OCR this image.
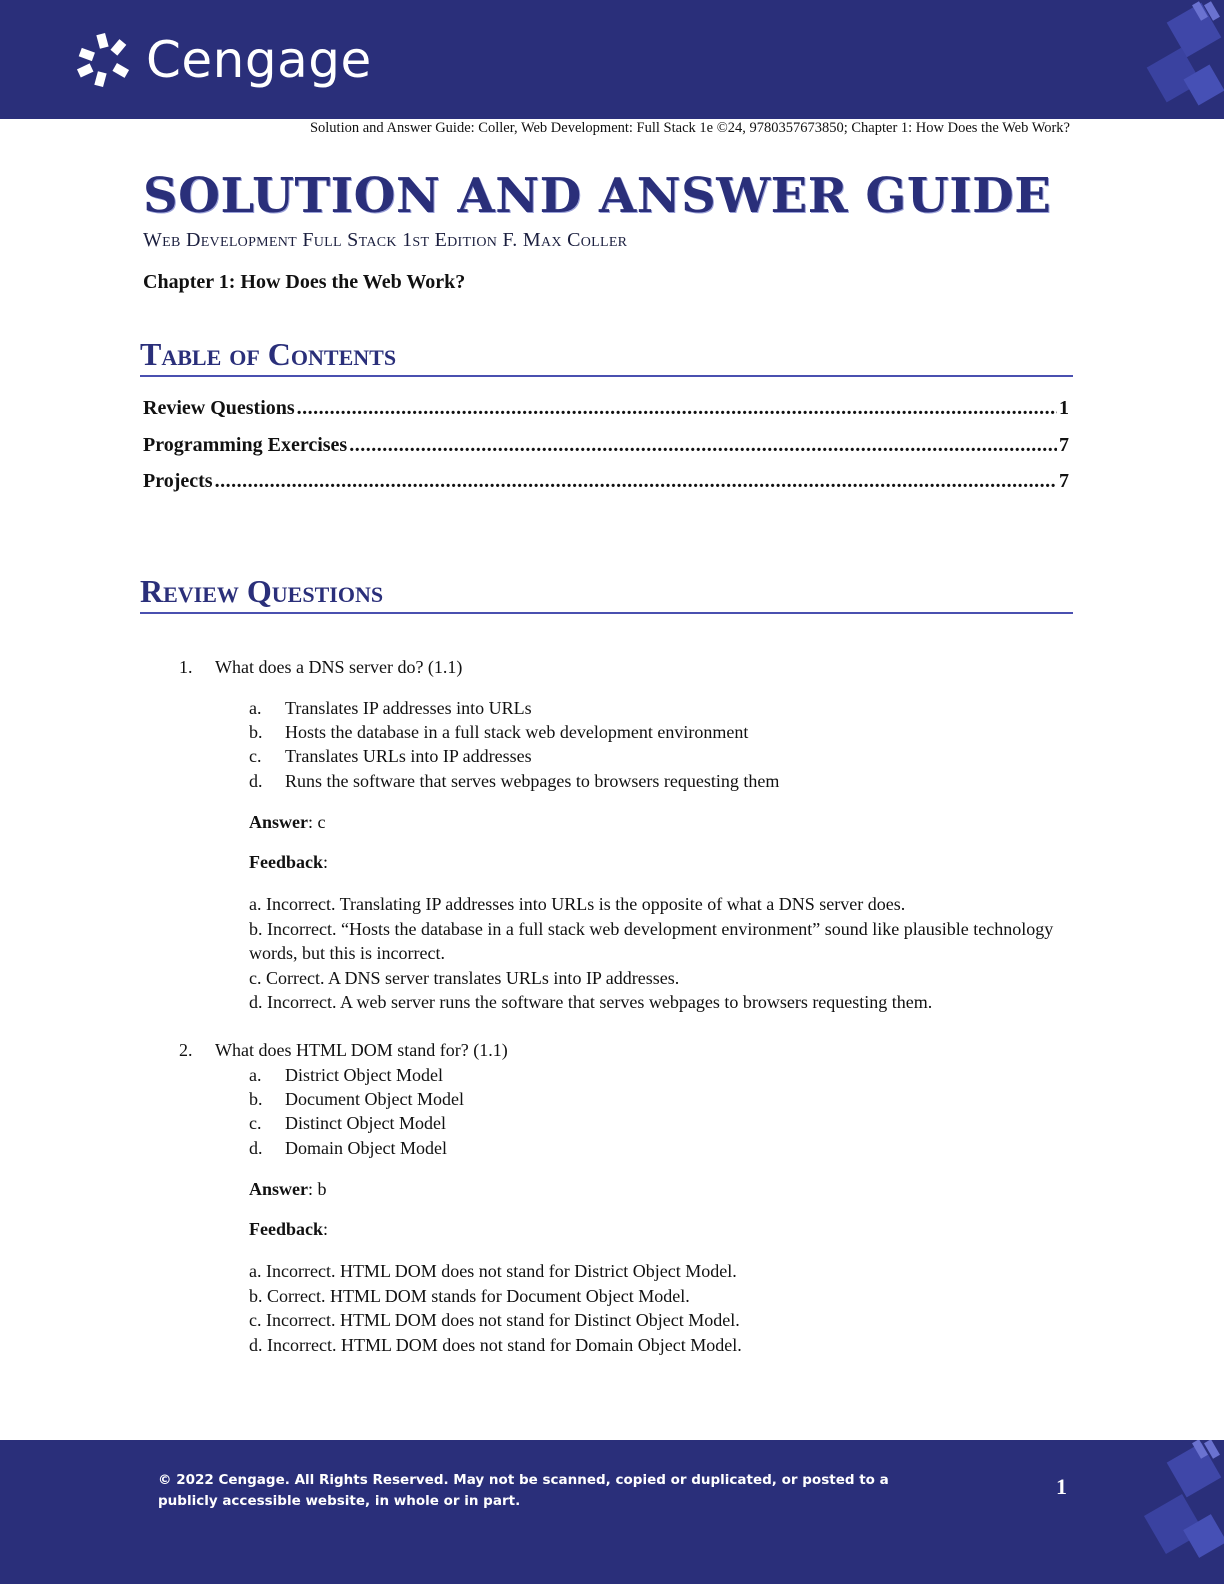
Cengage
Solution and Answer Guide: Coller, Web Development: Full Stack 1e ©24, 9780357673850; Chapter 1: How Does the Web Work?
SOLUTION AND ANSWER GUIDE
Web Development Full Stack 1st Edition F. Max Coller
Chapter 1: How Does the Web Work?
Table of Contents
Review Questions .....	1
Programming Exercises .....	7
Projects .....	7
Review Questions
1. What does a DNS server do? (1.1)
a. Translates IP addresses into URLs
b. Hosts the database in a full stack web development environment
c. Translates URLs into IP addresses
d. Runs the software that serves webpages to browsers requesting them
Answer: c
Feedback:
a. Incorrect. Translating IP addresses into URLs is the opposite of what a DNS server does.
b. Incorrect. “Hosts the database in a full stack web development environment” sound like plausible technology words, but this is incorrect.
c. Correct. A DNS server translates URLs into IP addresses.
d. Incorrect. A web server runs the software that serves webpages to browsers requesting them.
2. What does HTML DOM stand for? (1.1)
a. District Object Model
b. Document Object Model
c. Distinct Object Model
d. Domain Object Model
Answer: b
Feedback:
a. Incorrect. HTML DOM does not stand for District Object Model.
b. Correct. HTML DOM stands for Document Object Model.
c. Incorrect. HTML DOM does not stand for Distinct Object Model.
d. Incorrect. HTML DOM does not stand for Domain Object Model.
© 2022 Cengage. All Rights Reserved. May not be scanned, copied or duplicated, or posted to a publicly accessible website, in whole or in part.
1
